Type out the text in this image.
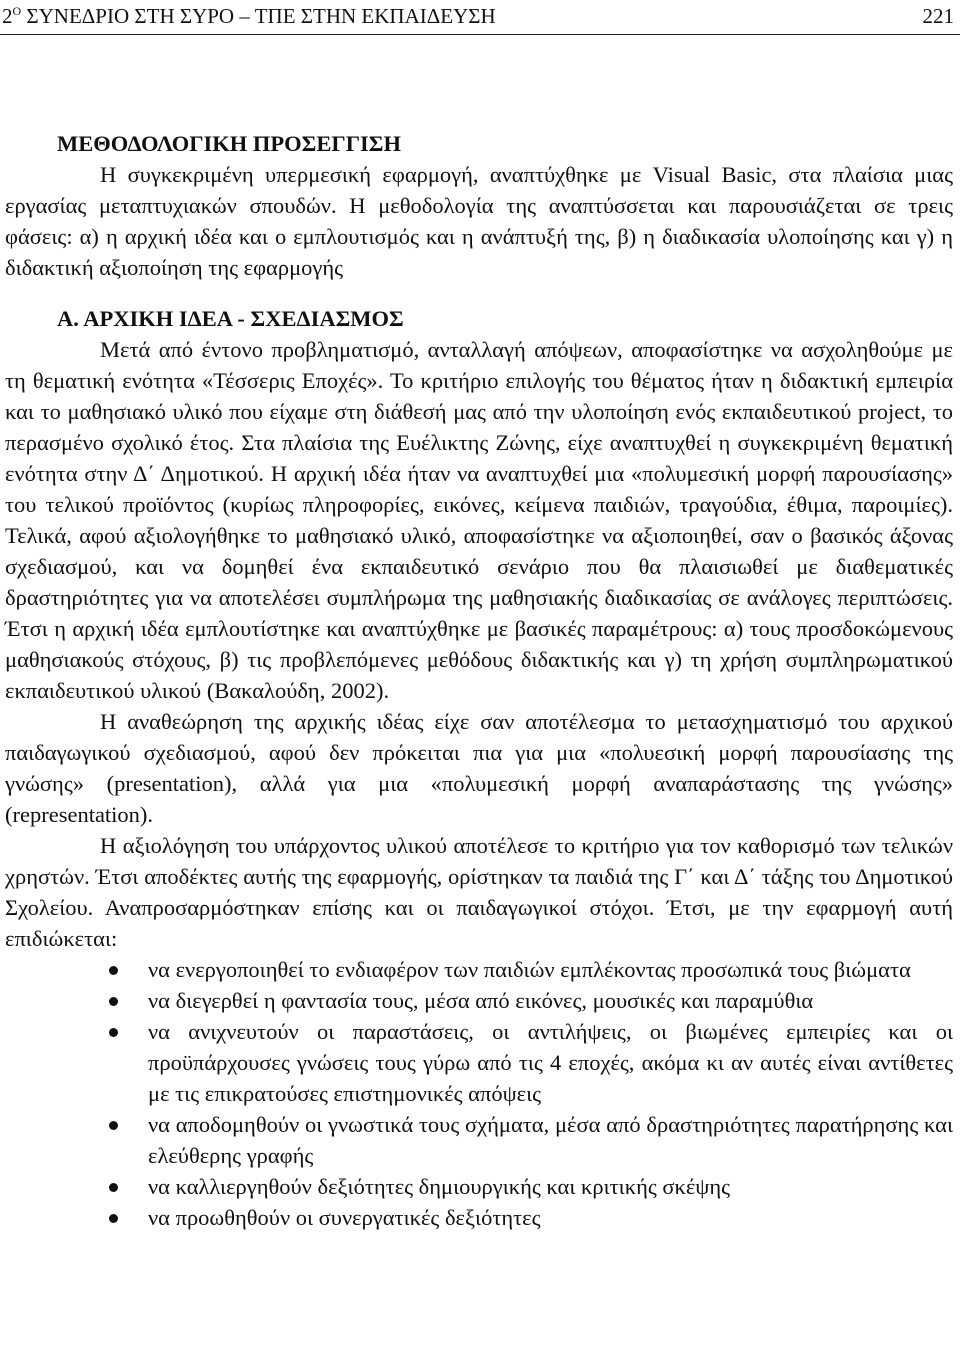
$2^O$ ΣΥΝΕΔΡΙΟ ΣΤΗ ΣΥΡΟ – ΤΠΕ ΣΤΗΝ ΕΚΠΑΙΔΕΥΣΗ	221
ΜΕΘΟΔΟΛΟΓΙΚΗ ΠΡΟΣΕΓΓΙΣΗ

Η συγκεκριμένη υπερμεσική εφαρμογή, αναπτύχθηκε με Visual Basic, στα πλαίσια μιας εργασίας μεταπτυχιακών σπουδών. Η μεθοδολογία της αναπτύσσεται και παρουσιάζεται σε τρεις φάσεις: α) η αρχική ιδέα και ο εμπλουτισμός και η ανάπτυξή της, β) η διαδικασία υλοποίησης και γ) η διδακτική αξιοποίηση της εφαρμογής

Α. ΑΡΧΙΚΗ ΙΔΕΑ - ΣΧΕΔΙΑΣΜΟΣ

Μετά από έντονο προβληματισμό, ανταλλαγή απόψεων, αποφασίστηκε να ασχοληθούμε με τη θεματική ενότητα «Τέσσερις Εποχές». Το κριτήριο επιλογής του θέματος ήταν η διδακτική εμπειρία και το μαθησιακό υλικό που είχαμε στη διάθεσή μας από την υλοποίηση ενός εκπαιδευτικού project, το περασμένο σχολικό έτος. Στα πλαίσια της Ευέλικτης Ζώνης, είχε αναπτυχθεί η συγκεκριμένη θεματική ενότητα στην Δ΄ Δημοτικού. Η αρχική ιδέα ήταν να αναπτυχθεί μια «πολυμεσική μορφή παρουσίασης» του τελικού προϊόντος (κυρίως πληροφορίες, εικόνες, κείμενα παιδιών, τραγούδια, έθιμα, παροιμίες). Τελικά, αφού αξιολογήθηκε το μαθησιακό υλικό, αποφασίστηκε να αξιοποιηθεί, σαν ο βασικός άξονας σχεδιασμού, και να δομηθεί ένα εκπαιδευτικό σενάριο που θα πλαισιωθεί με διαθεματικές δραστηριότητες για να αποτελέσει συμπλήρωμα της μαθησιακής διαδικασίας σε ανάλογες περιπτώσεις. Έτσι η αρχική ιδέα εμπλουτίστηκε και αναπτύχθηκε με βασικές παραμέτρους: α) τους προσδοκώμενους μαθησιακούς στόχους, β) τις προβλεπόμενες μεθόδους διδακτικής και γ) τη χρήση συμπληρωματικού εκπαιδευτικού υλικού (Βακαλούδη, 2002).

Η αναθεώρηση της αρχικής ιδέας είχε σαν αποτέλεσμα το μετασχηματισμό του αρχικού παιδαγωγικού σχεδιασμού, αφού δεν πρόκειται πια για μια «πολυεσική μορφή παρουσίασης της γνώσης» (presentation), αλλά για μια «πολυμεσική μορφή αναπαράστασης της γνώσης» (representation).

Η αξιολόγηση του υπάρχοντος υλικού αποτέλεσε το κριτήριο για τον καθορισμό των τελικών χρηστών. Έτσι αποδέκτες αυτής της εφαρμογής, ορίστηκαν τα παιδιά της Γ΄ και Δ΄ τάξης του Δημοτικού Σχολείου. Αναπροσαρμόστηκαν επίσης και οι παιδαγωγικοί στόχοι. Έτσι, με την εφαρμογή αυτή επιδιώκεται:

να ενεργοποιηθεί το ενδιαφέρον των παιδιών εμπλέκοντας προσωπικά τους βιώματα
να διεγερθεί η φαντασία τους, μέσα από εικόνες, μουσικές και παραμύθια
να ανιχνευτούν οι παραστάσεις, οι αντιλήψεις, οι βιωμένες εμπειρίες και οι προϋπάρχουσες γνώσεις τους γύρω από τις 4 εποχές, ακόμα κι αν αυτές είναι αντίθετες με τις επικρατούσες επιστημονικές απόψεις
να αποδομηθούν οι γνωστικά τους σχήματα, μέσα από δραστηριότητες παρατήρησης και ελεύθερης γραφής
να καλλιεργηθούν δεξιότητες δημιουργικής και κριτικής σκέψης
να προωθηθούν οι συνεργατικές δεξιότητες
